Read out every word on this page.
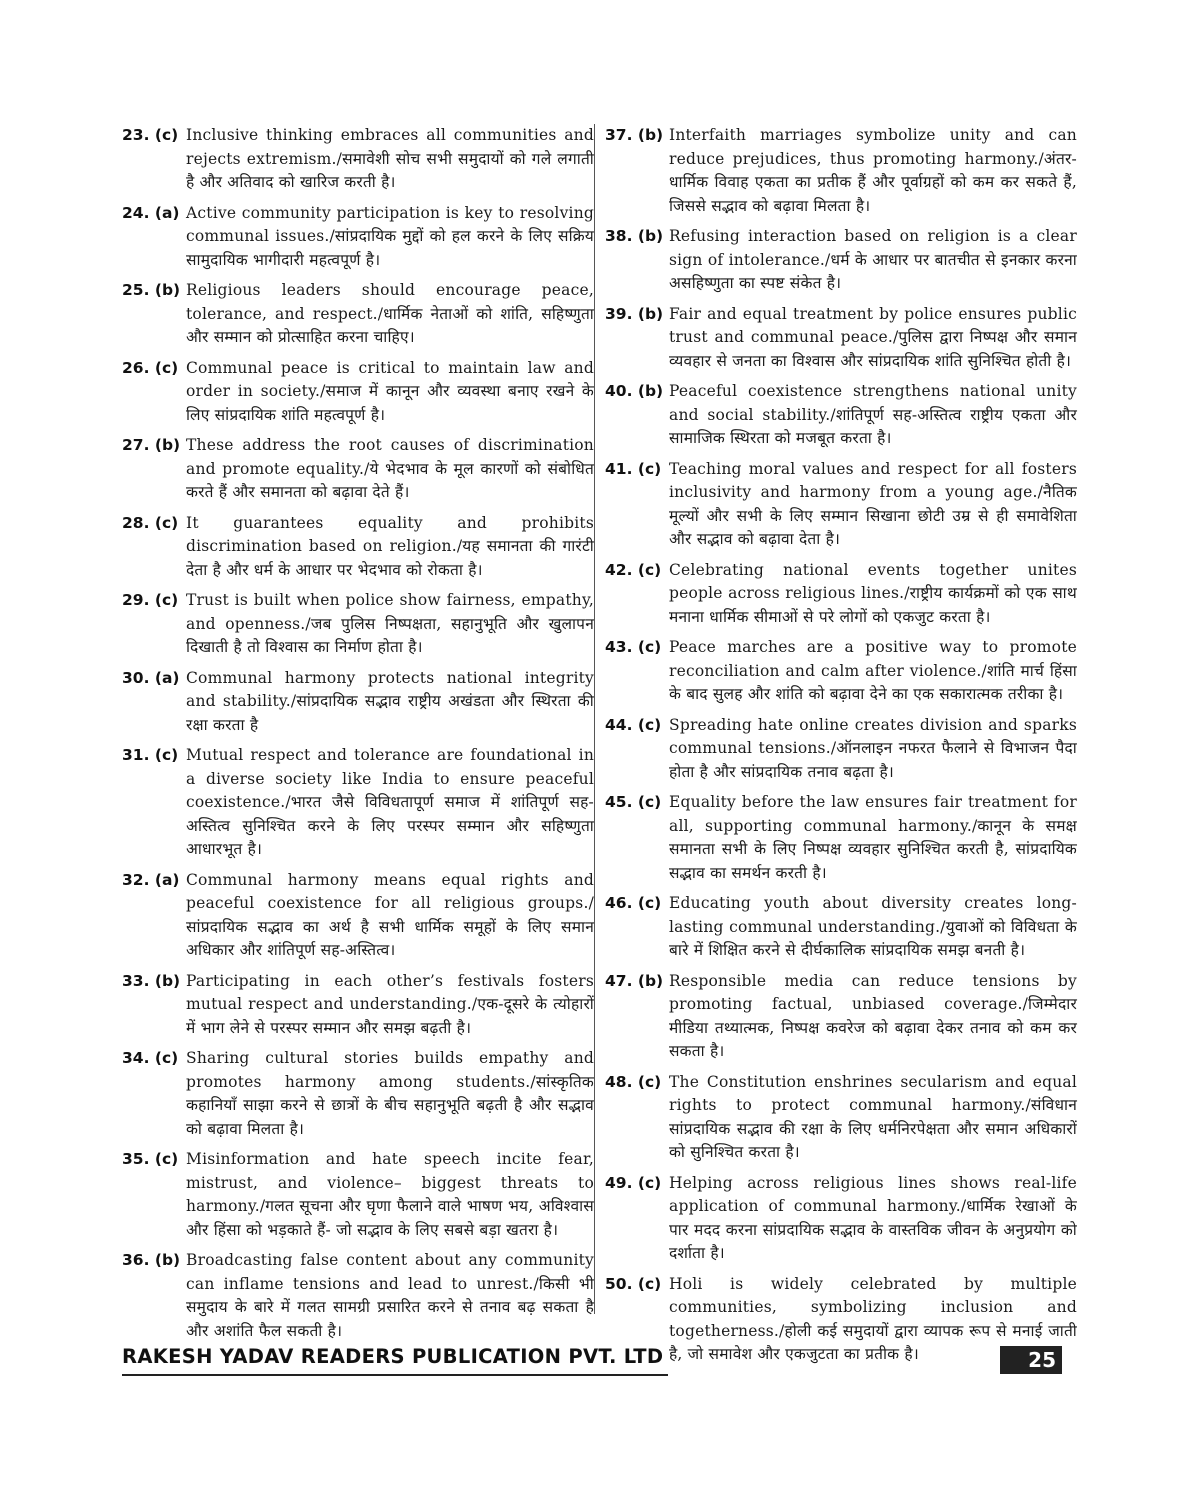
23. (c) Inclusive thinking embraces all communities and rejects extremism./समावेशी सोच सभी समुदायों को गले लगाती है और अतिवाद को खारिज करती है।
24. (a) Active community participation is key to resolving communal issues./सांप्रदायिक मुद्दों को हल करने के लिए सक्रिय सामुदायिक भागीदारी महत्वपूर्ण है।
25. (b) Religious leaders should encourage peace, tolerance, and respect./धार्मिक नेताओं को शांति, सहिष्णुता और सम्मान को प्रोत्साहित करना चाहिए।
26. (c) Communal peace is critical to maintain law and order in society./समाज में कानून और व्यवस्था बनाए रखने के लिए सांप्रदायिक शांति महत्वपूर्ण है।
27. (b) These address the root causes of discrimination and promote equality./ये भेदभाव के मूल कारणों को संबोधित करते हैं और समानता को बढ़ावा देते हैं।
28. (c) It guarantees equality and prohibits discrimination based on religion./यह समानता की गारंटी देता है और धर्म के आधार पर भेदभाव को रोकता है।
29. (c) Trust is built when police show fairness, empathy, and openness./जब पुलिस निष्पक्षता, सहानुभूति और खुलापन दिखाती है तो विश्वास का निर्माण होता है।
30. (a) Communal harmony protects national integrity and stability./सांप्रदायिक सद्भाव राष्ट्रीय अखंडता और स्थिरता की रक्षा करता है
31. (c) Mutual respect and tolerance are foundational in a diverse society like India to ensure peaceful coexistence./भारत जैसे विविधतापूर्ण समाज में शांतिपूर्ण सह-अस्तित्व सुनिश्चित करने के लिए परस्पर सम्मान और सहिष्णुता आधारभूत है।
32. (a) Communal harmony means equal rights and peaceful coexistence for all religious groups./सांप्रदायिक सद्भाव का अर्थ है सभी धार्मिक समूहों के लिए समान अधिकार और शांतिपूर्ण सह-अस्तित्व।
33. (b) Participating in each other’s festivals fosters mutual respect and understanding./एक-दूसरे के त्योहारों में भाग लेने से परस्पर सम्मान और समझ बढ़ती है।
34. (c) Sharing cultural stories builds empathy and promotes harmony among students./सांस्कृतिक कहानियाँ साझा करने से छात्रों के बीच सहानुभूति बढ़ती है और सद्भाव को बढ़ावा मिलता है।
35. (c) Misinformation and hate speech incite fear, mistrust, and violence– biggest threats to harmony./गलत सूचना और घृणा फैलाने वाले भाषण भय, अविश्वास और हिंसा को भड़काते हैं- जो सद्भाव के लिए सबसे बड़ा खतरा है।
36. (b) Broadcasting false content about any community can inflame tensions and lead to unrest./किसी भी समुदाय के बारे में गलत सामग्री प्रसारित करने से तनाव बढ़ सकता है और अशांति फैल सकती है।
37. (b) Interfaith marriages symbolize unity and can reduce prejudices, thus promoting harmony./अंतर-धार्मिक विवाह एकता का प्रतीक हैं और पूर्वाग्रहों को कम कर सकते हैं, जिससे सद्भाव को बढ़ावा मिलता है।
38. (b) Refusing interaction based on religion is a clear sign of intolerance./धर्म के आधार पर बातचीत से इनकार करना असहिष्णुता का स्पष्ट संकेत है।
39. (b) Fair and equal treatment by police ensures public trust and communal peace./पुलिस द्वारा निष्पक्ष और समान व्यवहार से जनता का विश्वास और सांप्रदायिक शांति सुनिश्चित होती है।
40. (b) Peaceful coexistence strengthens national unity and social stability./शांतिपूर्ण सह-अस्तित्व राष्ट्रीय एकता और सामाजिक स्थिरता को मजबूत करता है।
41. (c) Teaching moral values and respect for all fosters inclusivity and harmony from a young age./नैतिक मूल्यों और सभी के लिए सम्मान सिखाना छोटी उम्र से ही समावेशिता और सद्भाव को बढ़ावा देता है।
42. (c) Celebrating national events together unites people across religious lines./राष्ट्रीय कार्यक्रमों को एक साथ मनाना धार्मिक सीमाओं से परे लोगों को एकजुट करता है।
43. (c) Peace marches are a positive way to promote reconciliation and calm after violence./शांति मार्च हिंसा के बाद सुलह और शांति को बढ़ावा देने का एक सकारात्मक तरीका है।
44. (c) Spreading hate online creates division and sparks communal tensions./ऑनलाइन नफरत फैलाने से विभाजन पैदा होता है और सांप्रदायिक तनाव बढ़ता है।
45. (c) Equality before the law ensures fair treatment for all, supporting communal harmony./कानून के समक्ष समानता सभी के लिए निष्पक्ष व्यवहार सुनिश्चित करती है, सांप्रदायिक सद्भाव का समर्थन करती है।
46. (c) Educating youth about diversity creates long-lasting communal understanding./युवाओं को विविधता के बारे में शिक्षित करने से दीर्घकालिक सांप्रदायिक समझ बनती है।
47. (b) Responsible media can reduce tensions by promoting factual, unbiased coverage./जिम्मेदार मीडिया तथ्यात्मक, निष्पक्ष कवरेज को बढ़ावा देकर तनाव को कम कर सकता है।
48. (c) The Constitution enshrines secularism and equal rights to protect communal harmony./संविधान सांप्रदायिक सद्भाव की रक्षा के लिए धर्मनिरपेक्षता और समान अधिकारों को सुनिश्चित करता है।
49. (c) Helping across religious lines shows real-life application of communal harmony./धार्मिक रेखाओं के पार मदद करना सांप्रदायिक सद्भाव के वास्तविक जीवन के अनुप्रयोग को दर्शाता है।
50. (c) Holi is widely celebrated by multiple communities, symbolizing inclusion and togetherness./होली कई समुदायों द्वारा व्यापक रूप से मनाई जाती है, जो समावेश और एकजुटता का प्रतीक है।
RAKESH YADAV READERS PUBLICATION PVT. LTD	25
